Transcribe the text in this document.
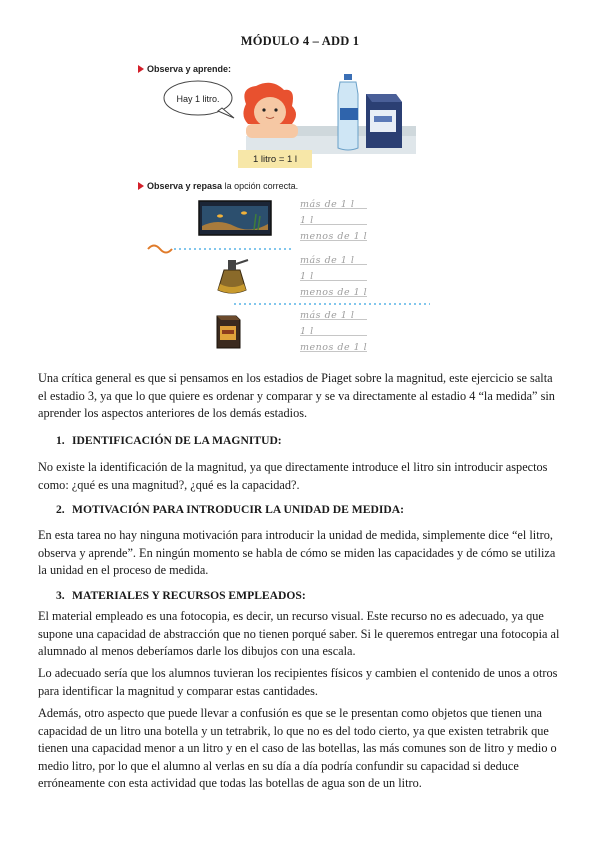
MÓDULO 4 – ADD 1
Observa y aprende:
Hay 1 litro.
1 litro = 1 l
Observa y repasa la opción correcta.
más de 1 l
1 l
menos de 1 l
más de 1 l
1 l
menos de 1 l
más de 1 l
1 l
menos de 1 l
Una crítica general es que si pensamos en los estadios de Piaget sobre la magnitud, este ejercicio se salta el estadio 3, ya que lo que quiere es ordenar y comparar y se va directamente al estadio 4 “la medida” sin aprender los aspectos anteriores de los demás estadios.
1. IDENTIFICACIÓN DE LA MAGNITUD:
No existe la identificación de la magnitud, ya que directamente introduce el litro sin introducir aspectos como: ¿qué es una magnitud?, ¿qué es la capacidad?.
2. MOTIVACIÓN PARA INTRODUCIR LA UNIDAD DE MEDIDA:
En esta tarea no hay ninguna motivación para introducir la unidad de medida, simplemente dice “el litro, observa y aprende”. En ningún momento se habla de cómo se miden las capacidades y de cómo se utiliza la unidad en el proceso de medida.
3. MATERIALES Y RECURSOS EMPLEADOS:
El material empleado es una fotocopia, es decir, un recurso visual. Este recurso no es adecuado, ya que supone una capacidad de abstracción que no tienen porqué saber. Si le queremos entregar una fotocopia al alumnado al menos deberíamos darle los dibujos con una escala.
Lo adecuado sería que los alumnos tuvieran los recipientes físicos y cambien el contenido de unos a otros para identificar la magnitud y comparar estas cantidades.
Además, otro aspecto que puede llevar a confusión es que se le presentan como objetos que tienen una capacidad de un litro una botella y un tetrabrik, lo que no es del todo cierto, ya que existen tetrabrik que tienen una capacidad menor a un litro y en el caso de las botellas, las más comunes son de litro y medio o medio litro, por lo que el alumno al verlas en su día a día podría confundir su capacidad si deduce erróneamente con esta actividad que todas las botellas de agua son de un litro.
